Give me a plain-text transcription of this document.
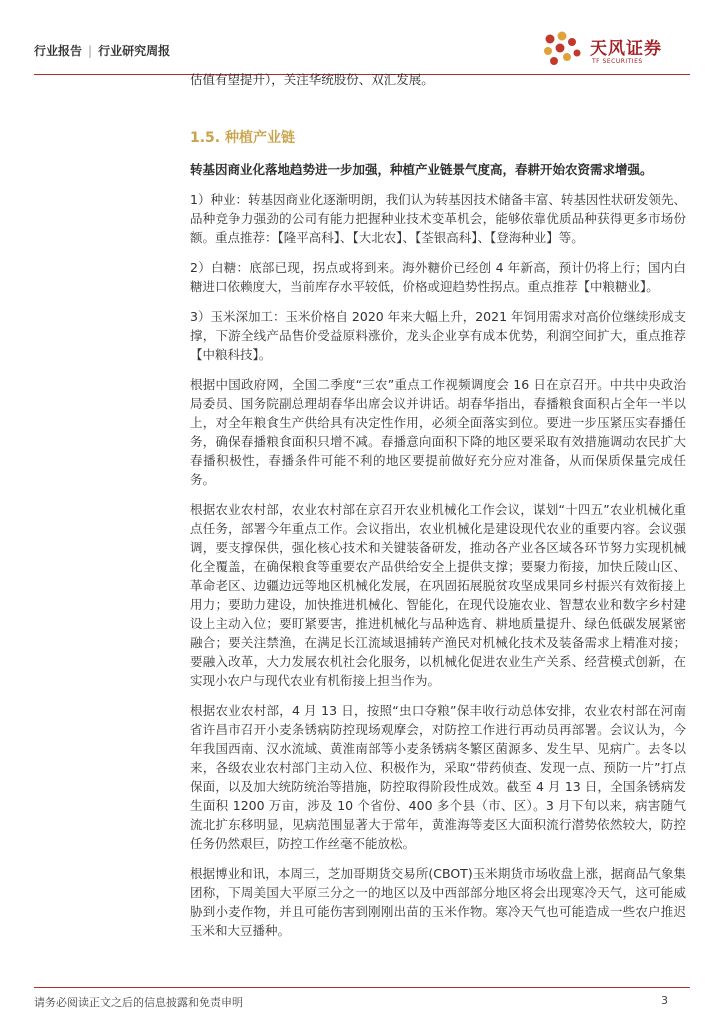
行业报告 | 行业研究周报	天风证券
TF SECURITIES

估值有望提升），关注华统股份、双汇发展。

1.5. 种植产业链

转基因商业化落地趋势进一步加强，种植产业链景气度高，春耕开始农资需求增强。

1）种业：转基因商业化逐渐明朗，我们认为转基因技术储备丰富、转基因性状研发领先、品种竞争力强劲的公司有能力把握种业技术变革机会，能够依靠优质品种获得更多市场份额。重点推荐：【隆平高科】、【大北农】、【荃银高科】、【登海种业】等。

2）白糖：底部已现，拐点或将到来。海外糖价已经创 4 年新高，预计仍将上行；国内白糖进口依赖度大，当前库存水平较低，价格或迎趋势性拐点。重点推荐【中粮糖业】。

3）玉米深加工：玉米价格自 2020 年来大幅上升，2021 年饲用需求对高价位继续形成支撑，下游全线产品售价受益原料涨价，龙头企业享有成本优势，利润空间扩大，重点推荐【中粮科技】。

根据中国政府网，全国二季度“三农”重点工作视频调度会 16 日在京召开。中共中央政治局委员、国务院副总理胡春华出席会议并讲话。胡春华指出，春播粮食面积占全年一半以上，对全年粮食生产供给具有决定性作用，必须全面落实到位。要进一步压紧压实春播任务，确保春播粮食面积只增不减。春播意向面积下降的地区要采取有效措施调动农民扩大春播积极性，春播条件可能不利的地区要提前做好充分应对准备，从而保质保量完成任务。

根据农业农村部，农业农村部在京召开农业机械化工作会议，谋划“十四五”农业机械化重点任务，部署今年重点工作。会议指出，农业机械化是建设现代农业的重要内容。会议强调，要支撑保供，强化核心技术和关键装备研发，推动各产业各区域各环节努力实现机械化全覆盖，在确保粮食等重要农产品供给安全上提供支撑；要聚力衔接，加快丘陵山区、革命老区、边疆边远等地区机械化发展，在巩固拓展脱贫攻坚成果同乡村振兴有效衔接上用力；要助力建设，加快推进机械化、智能化，在现代设施农业、智慧农业和数字乡村建设上主动入位；要盯紧要害，推进机械化与品种选育、耕地质量提升、绿色低碳发展紧密融合；要关注禁渔，在满足长江流域退捕转产渔民对机械化技术及装备需求上精准对接；要融入改革，大力发展农机社会化服务，以机械化促进农业生产关系、经营模式创新，在实现小农户与现代农业有机衔接上担当作为。

根据农业农村部，4 月 13 日，按照“虫口夺粮”保丰收行动总体安排，农业农村部在河南省许昌市召开小麦条锈病防控现场观摩会，对防控工作进行再动员再部署。会议认为，今年我国西南、汉水流域、黄淮南部等小麦条锈病冬繁区菌源多、发生早、见病广。去冬以来，各级农业农村部门主动入位、积极作为，采取“带药侦查、发现一点、预防一片”打点保面，以及加大统防统治等措施，防控取得阶段性成效。截至 4 月 13 日，全国条锈病发生面积 1200 万亩，涉及 10 个省份、400 多个县（市、区）。3 月下旬以来，病害随气流北扩东移明显，见病范围显著大于常年，黄淮海等麦区大面积流行潜势依然较大，防控任务仍然艰巨，防控工作丝毫不能放松。

根据博业和讯，本周三，芝加哥期货交易所(CBOT)玉米期货市场收盘上涨，据商品气象集团称，下周美国大平原三分之一的地区以及中西部部分地区将会出现寒冷天气，这可能威胁到小麦作物，并且可能伤害到刚刚出苗的玉米作物。寒冷天气也可能造成一些农户推迟玉米和大豆播种。

请务必阅读正文之后的信息披露和免责申明	3
